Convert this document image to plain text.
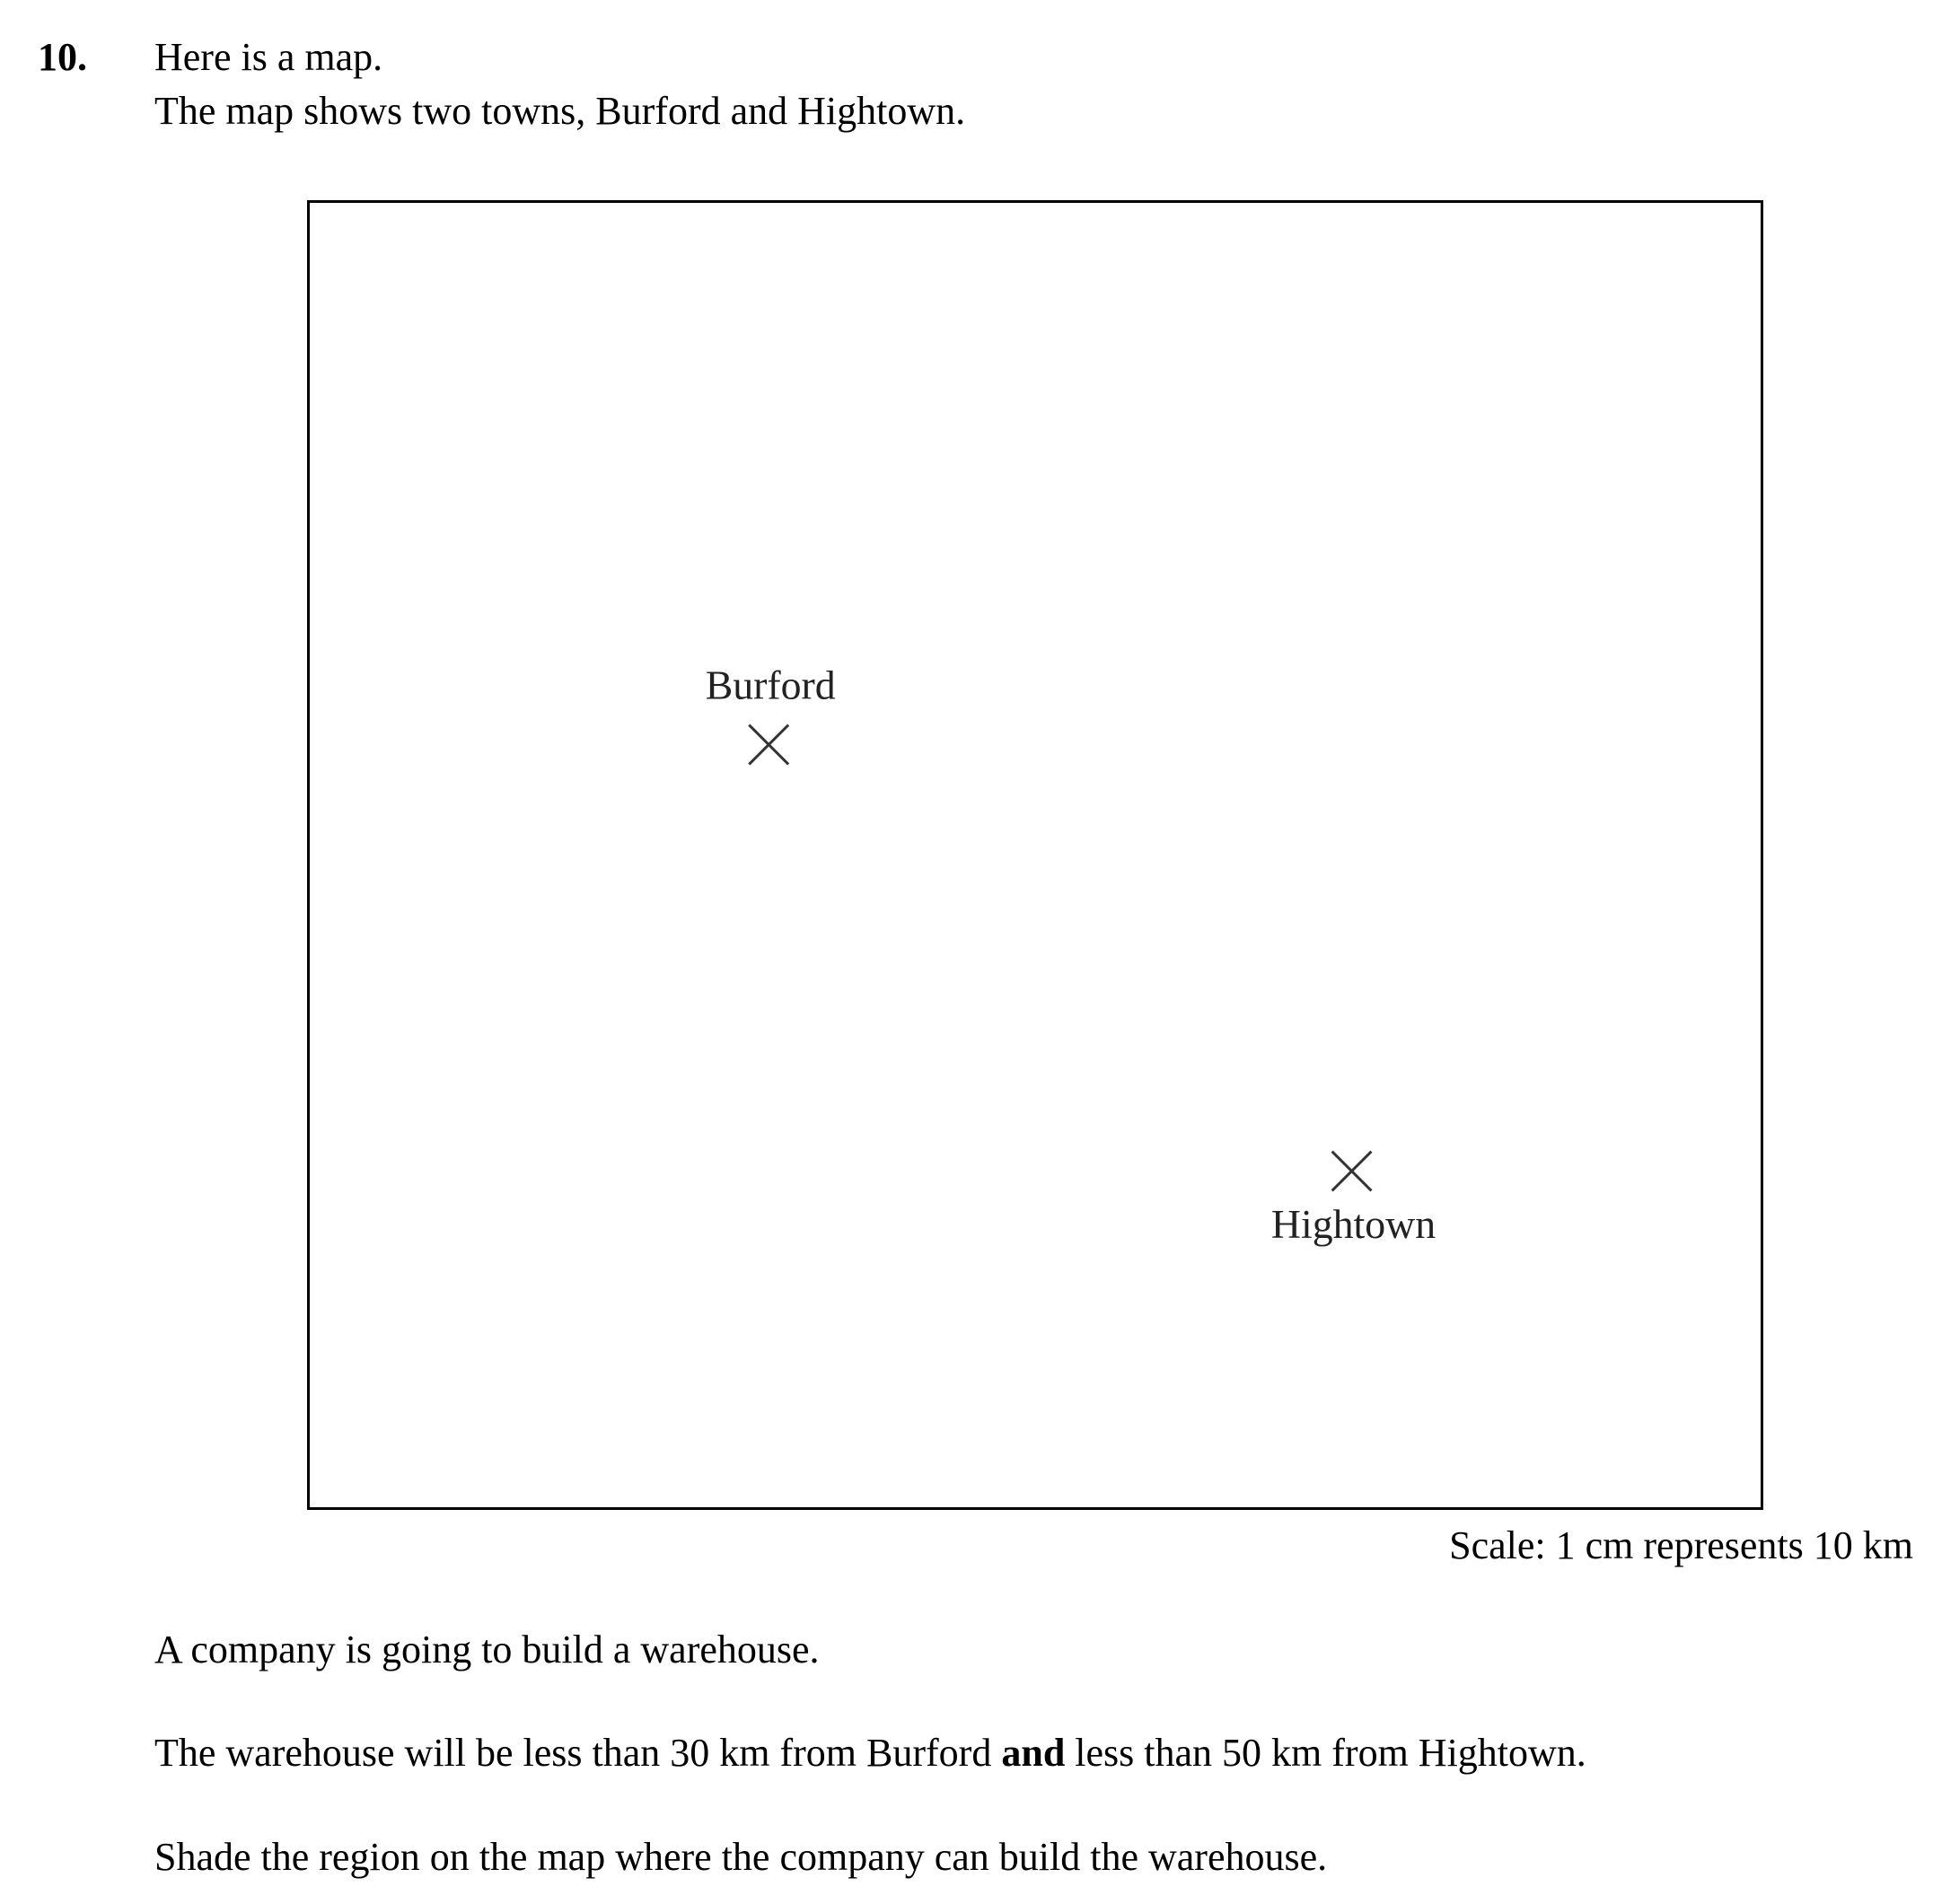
10. Here is a map.
The map shows two towns, Burford and Hightown.
Burford
Hightown
Scale: 1 cm represents 10 km
A company is going to build a warehouse.
The warehouse will be less than 30 km from Burford and less than 50 km from Hightown.
Shade the region on the map where the company can build the warehouse.
